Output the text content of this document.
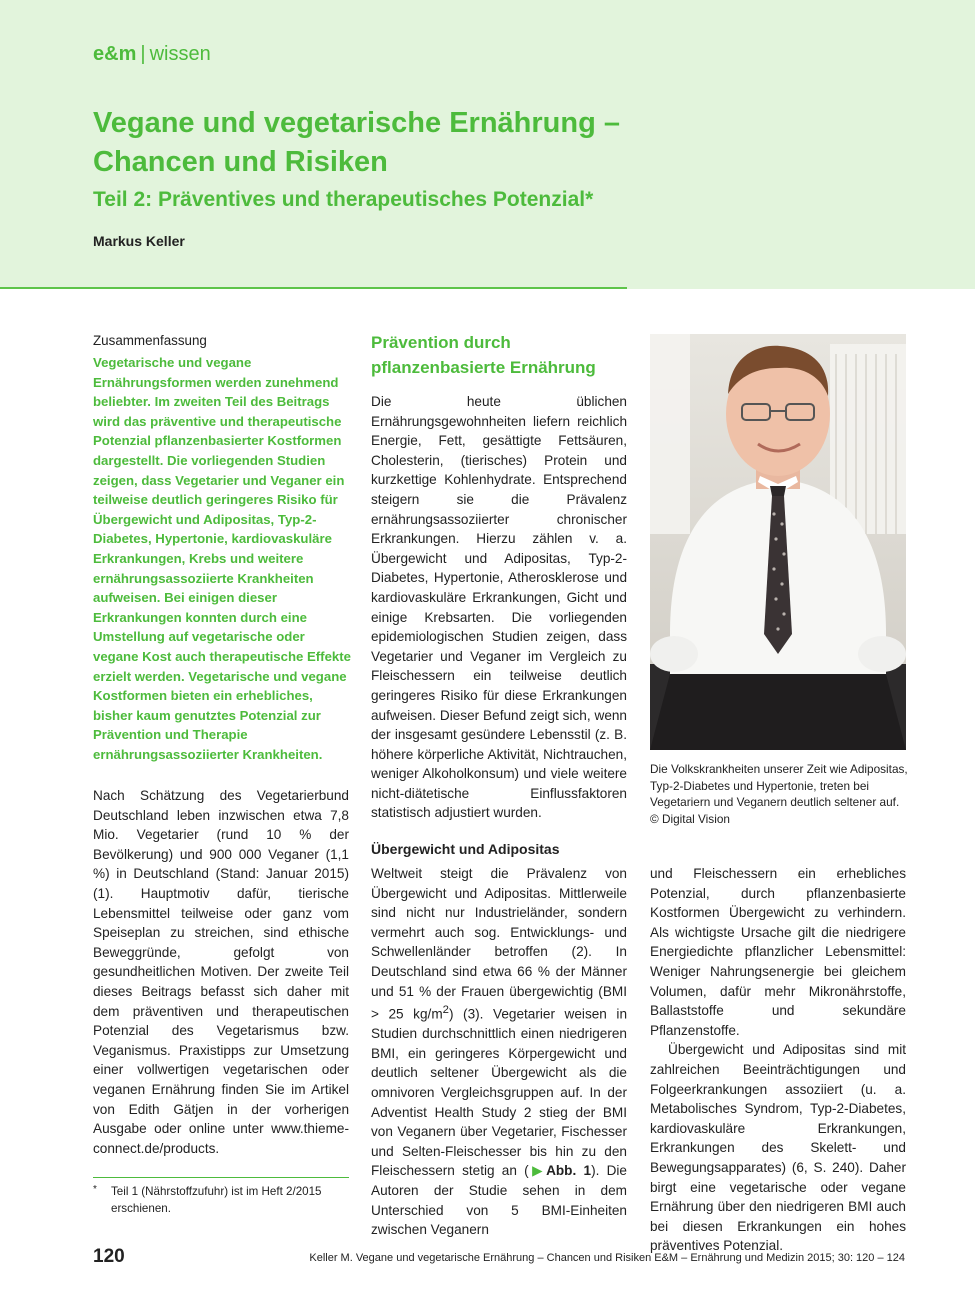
e&m | wissen
Vegane und vegetarische Ernährung – Chancen und Risiken
Teil 2: Präventives und therapeutisches Potenzial*
Markus Keller
Zusammenfassung
Vegetarische und vegane Ernährungsformen werden zunehmend beliebter. Im zweiten Teil des Beitrags wird das präventive und therapeutische Potenzial pflanzenbasierter Kostformen dargestellt. Die vorliegenden Studien zeigen, dass Vegetarier und Veganer ein teilweise deutlich geringeres Risiko für Übergewicht und Adipositas, Typ-2-Diabetes, Hypertonie, kardiovaskuläre Erkrankungen, Krebs und weitere ernährungsassoziierte Krankheiten aufweisen. Bei einigen dieser Erkrankungen konnten durch eine Umstellung auf vegetarische oder vegane Kost auch therapeutische Effekte erzielt werden. Vegetarische und vegane Kostformen bieten ein erhebliches, bisher kaum genutztes Potenzial zur Prävention und Therapie ernährungsassoziierter Krankheiten.

Nach Schätzung des Vegetarierbund Deutschland leben inzwischen etwa 7,8 Mio. Vegetarier (rund 10 % der Bevölkerung) und 900 000 Veganer (1,1 %) in Deutschland (Stand: Januar 2015) (1). Hauptmotiv dafür, tierische Lebensmittel teilweise oder ganz vom Speiseplan zu streichen, sind ethische Beweggründe, gefolgt von gesundheitlichen Motiven. Der zweite Teil dieses Beitrags befasst sich daher mit dem präventiven und therapeutischen Potenzial des Vegetarismus bzw. Veganismus. Praxistipps zur Umsetzung einer vollwertigen vegetarischen oder veganen Ernährung finden Sie im Artikel von Edith Gätjen in der vorherigen Ausgabe oder online unter www.thieme-connect.de/products.

* Teil 1 (Nährstoffzufuhr) ist im Heft 2/2015 erschienen.
Prävention durch pflanzenbasierte Ernährung

Die heute üblichen Ernährungsgewohnheiten liefern reichlich Energie, Fett, gesättigte Fettsäuren, Cholesterin, (tierisches) Protein und kurzkettige Kohlenhydrate. Entsprechend steigern sie die Prävalenz ernährungsassoziierter chronischer Erkrankungen. Hierzu zählen v. a. Übergewicht und Adipositas, Typ-2-Diabetes, Hypertonie, Atherosklerose und kardiovaskuläre Erkrankungen, Gicht und einige Krebsarten. Die vorliegenden epidemiologischen Studien zeigen, dass Vegetarier und Veganer im Vergleich zu Fleischessern ein teilweise deutlich geringeres Risiko für diese Erkrankungen aufweisen. Dieser Befund zeigt sich, wenn der insgesamt gesündere Lebensstil (z. B. höhere körperliche Aktivität, Nichtrauchen, weniger Alkoholkonsum) und viele weitere nicht-diätetische Einflussfaktoren statistisch adjustiert wurden.

Übergewicht und Adipositas

Weltweit steigt die Prävalenz von Übergewicht und Adipositas. Mittlerweile sind nicht nur Industrieländer, sondern vermehrt auch sog. Entwicklungs- und Schwellenländer betroffen (2). In Deutschland sind etwa 66 % der Männer und 51 % der Frauen übergewichtig (BMI > 25 $kg/m^2$) (3). Vegetarier weisen in Studien durchschnittlich einen niedrigeren BMI, ein geringeres Körpergewicht und deutlich seltener Übergewicht als die omnivoren Vergleichsgruppen auf. In der Adventist Health Study 2 stieg der BMI von Veganern über Vegetarier, Fischesser und Selten-Fleischesser bis hin zu den Fleischessern stetig an (▶Abb. 1). Die Autoren der Studie sehen in dem Unterschied von 5 BMI-Einheiten zwischen Veganern

und Fleischessern ein erhebliches Potenzial, durch pflanzenbasierte Kostformen Übergewicht zu verhindern. Als wichtigste Ursache gilt die niedrigere Energiedichte pflanzlicher Lebensmittel: Weniger Nahrungsenergie bei gleichem Volumen, dafür mehr Mikronährstoffe, Ballaststoffe und sekundäre Pflanzenstoffe.

Übergewicht und Adipositas sind mit zahlreichen Beeinträchtigungen und Folgeerkrankungen assoziiert (u. a. Metabolisches Syndrom, Typ-2-Diabetes, kardiovaskuläre Erkrankungen, Erkrankungen des Skelett- und Bewegungsapparates) (6, S. 240). Daher birgt eine vegetarische oder vegane Ernährung über den niedrigeren BMI auch bei diesen Erkrankungen ein hohes präventives Potenzial.

Die Volkskrankheiten unserer Zeit wie Adipositas, Typ-2-Diabetes und Hypertonie, treten bei Vegetariern und Veganern deutlich seltener auf. © Digital Vision
120	Keller M. Vegane und vegetarische Ernährung – Chancen und Risiken E&M – Ernährung und Medizin 2015; 30: 120 – 124
